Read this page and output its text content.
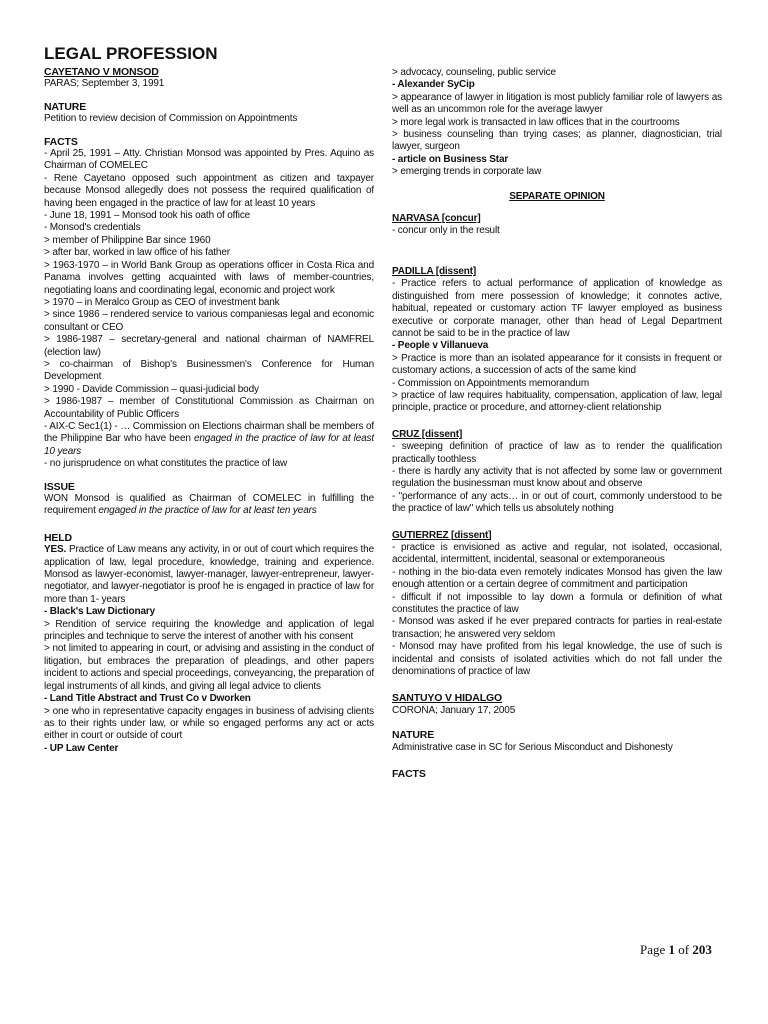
LEGAL PROFESSION
CAYETANO V MONSOD
PARAS; September 3, 1991
NATURE
Petition to review decision of Commission on Appointments
FACTS
- April 25, 1991 – Atty. Christian Monsod was appointed by Pres. Aquino as Chairman of COMELEC
- Rene Cayetano opposed such appointment as citizen and taxpayer because Monsod allegedly does not possess the required qualification of having been engaged in the practice of law for at least 10 years
- June 18, 1991 – Monsod took his oath of office
- Monsod's credentials
> member of Philippine Bar since 1960
> after bar, worked in law office of his father
> 1963-1970 – in World Bank Group as operations officer in Costa Rica and Panama involves getting acquainted with laws of member-countries, negotiating loans and coordinating legal, economic and project work
> 1970 – in Meralco Group as CEO of investment bank
> since 1986 – rendered service to various companiesas legal and economic consultant or CEO
> 1986-1987 – secretary-general and national chairman of NAMFREL (election law)
> co-chairman of Bishop's Businessmen's Conference for Human Development
> 1990 - Davide Commission – quasi-judicial body
> 1986-1987 – member of Constitutional Commission as Chairman on Accountability of Public Officers
- AIX-C Sec1(1) - … Commission on Elections chairman shall be members of the Philippine Bar who have been engaged in the practice of law for at least 10 years
- no jurisprudence on what constitutes the practice of law
ISSUE
WON Monsod is qualified as Chairman of COMELEC in fulfilling the requirement engaged in the practice of law for at least ten years
HELD
YES. Practice of Law means any activity, in or out of court which requires the application of law, legal procedure, knowledge, training and experience. Monsod as lawyer-economist, lawyer-manager, lawyer-entrepreneur, lawyer-negotiator, and lawyer-negotiator is proof he is engaged in practice of law for more than 1- years
- Black's Law Dictionary
> Rendition of service requiring the knowledge and application of legal principles and technique to serve the interest of another with his consent
> not limited to appearing in court, or advising and assisting in the conduct of litigation, but embraces the preparation of pleadings, and other papers incident to actions and special proceedings, conveyancing, the preparation of legal instruments of all kinds, and giving all legal advice to clients
- Land Title Abstract and Trust Co v Dworken
> one who in representative capacity engages in business of advising clients as to their rights under law, or while so engaged performs any act or acts either in court or outside of court
- UP Law Center
> advocacy, counseling, public service
- Alexander SyCip
> appearance of lawyer in litigation is most publicly familiar role of lawyers as well as an uncommon role for the average lawyer
> more legal work is transacted in law offices that in the courtrooms
> business counseling than trying cases; as planner, diagnostician, trial lawyer, surgeon
- article on Business Star
> emerging trends in corporate law
SEPARATE OPINION
NARVASA [concur]
- concur only in the result
PADILLA [dissent]
- Practice refers to actual performance of application of knowledge as distinguished from mere possession of knowledge; it connotes active, habitual, repeated or customary action TF lawyer employed as business executive or corporate manager, other than head of Legal Department cannot be said to be in the practice of law
- People v Villanueva
> Practice is more than an isolated appearance for it consists in frequent or customary actions, a succession of acts of the same kind
- Commission on Appointments memorandum
> practice of law requires habituality, compensation, application of law, legal principle, practice or procedure, and attorney-client relationship
CRUZ [dissent]
- sweeping definition of practice of law as to render the qualification practically toothless
- there is hardly any activity that is not affected by some law or government regulation the businessman must know about and observe
- "performance of any acts… in or out of court, commonly understood to be the practice of law" which tells us absolutely nothing
GUTIERREZ [dissent]
- practice is envisioned as active and regular, not isolated, occasional, accidental, intermittent, incidental, seasonal or extemporaneous
- nothing in the bio-data even remotely indicates Monsod has given the law enough attention or a certain degree of commitment and participation
- difficult if not impossible to lay down a formula or definition of what constitutes the practice of law
- Monsod was asked if he ever prepared contracts for parties in real-estate transaction; he answered very seldom
- Monsod may have profited from his legal knowledge, the use of such is incidental and consists of isolated activities which do not fall under the denominations of practice of law
SANTUYO V HIDALGO
CORONA; January 17, 2005
NATURE
Administrative case in SC for Serious Misconduct and Dishonesty
FACTS
Page 1 of 203
